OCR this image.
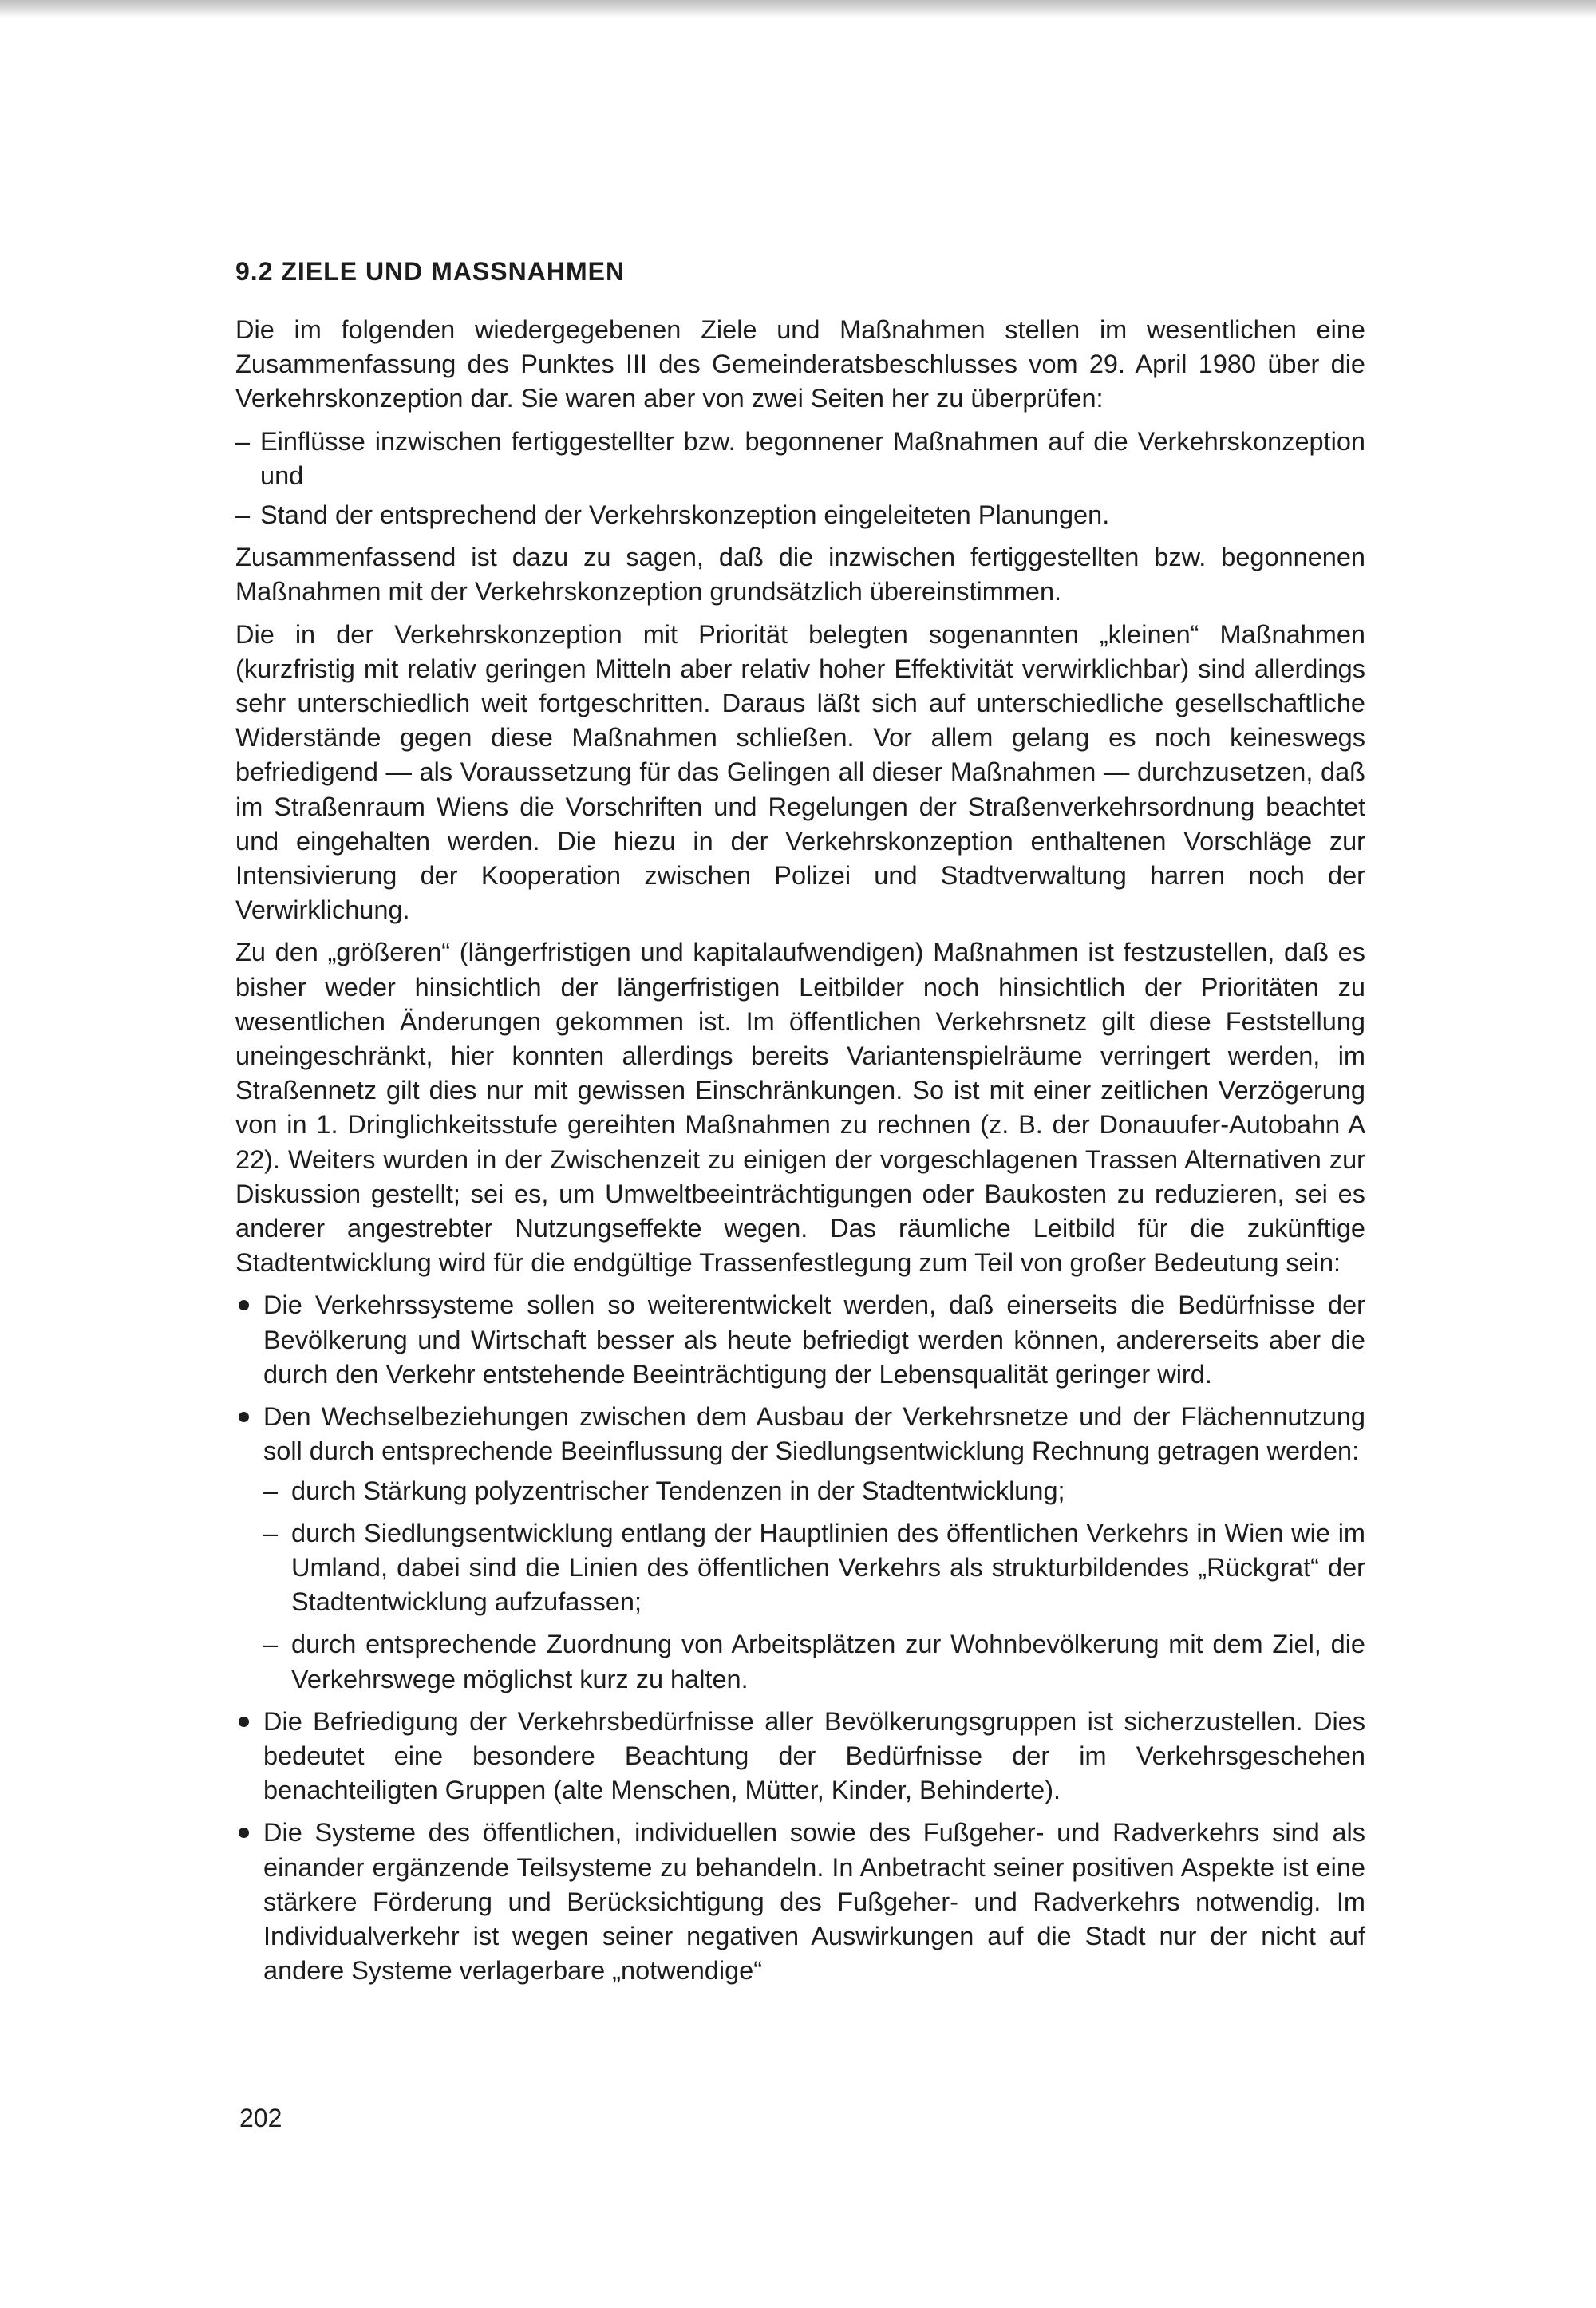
9.2 ZIELE UND MASSNAHMEN

Die im folgenden wiedergegebenen Ziele und Maßnahmen stellen im wesentlichen eine Zusammenfassung des Punktes III des Gemeinderatsbeschlusses vom 29. April 1980 über die Verkehrskonzeption dar. Sie waren aber von zwei Seiten her zu überprüfen:

– Einflüsse inzwischen fertiggestellter bzw. begonnener Maßnahmen auf die Verkehrskonzeption und
– Stand der entsprechend der Verkehrskonzeption eingeleiteten Planungen.

Zusammenfassend ist dazu zu sagen, daß die inzwischen fertiggestellten bzw. begonnenen Maßnahmen mit der Verkehrskonzeption grundsätzlich übereinstimmen.

Die in der Verkehrskonzeption mit Priorität belegten sogenannten „kleinen“ Maßnahmen (kurzfristig mit relativ geringen Mitteln aber relativ hoher Effektivität verwirklichbar) sind allerdings sehr unterschiedlich weit fortgeschritten. Daraus läßt sich auf unterschiedliche gesellschaftliche Widerstände gegen diese Maßnahmen schließen. Vor allem gelang es noch keineswegs befriedigend — als Voraussetzung für das Gelingen all dieser Maßnahmen — durchzusetzen, daß im Straßenraum Wiens die Vorschriften und Regelungen der Straßenverkehrsordnung beachtet und eingehalten werden. Die hiezu in der Verkehrskonzeption enthaltenen Vorschläge zur Intensivierung der Kooperation zwischen Polizei und Stadtverwaltung harren noch der Verwirklichung.

Zu den „größeren“ (längerfristigen und kapitalaufwendigen) Maßnahmen ist festzustellen, daß es bisher weder hinsichtlich der längerfristigen Leitbilder noch hinsichtlich der Prioritäten zu wesentlichen Änderungen gekommen ist. Im öffentlichen Verkehrsnetz gilt diese Feststellung uneingeschränkt, hier konnten allerdings bereits Variantenspielräume verringert werden, im Straßennetz gilt dies nur mit gewissen Einschränkungen. So ist mit einer zeitlichen Verzögerung von in 1. Dringlichkeitsstufe gereihten Maßnahmen zu rechnen (z. B. der Donauufer-Autobahn A 22). Weiters wurden in der Zwischenzeit zu einigen der vorgeschlagenen Trassen Alternativen zur Diskussion gestellt; sei es, um Umweltbeeinträchtigungen oder Baukosten zu reduzieren, sei es anderer angestrebter Nutzungseffekte wegen. Das räumliche Leitbild für die zukünftige Stadtentwicklung wird für die endgültige Trassenfestlegung zum Teil von großer Bedeutung sein:

Die Verkehrssysteme sollen so weiterentwickelt werden, daß einerseits die Bedürfnisse der Bevölkerung und Wirtschaft besser als heute befriedigt werden können, andererseits aber die durch den Verkehr entstehende Beeinträchtigung der Lebensqualität geringer wird.
Den Wechselbeziehungen zwischen dem Ausbau der Verkehrsnetze und der Flächennutzung soll durch entsprechende Beeinflussung der Siedlungsentwicklung Rechnung getragen werden:
– durch Stärkung polyzentrischer Tendenzen in der Stadtentwicklung;
– durch Siedlungsentwicklung entlang der Hauptlinien des öffentlichen Verkehrs in Wien wie im Umland, dabei sind die Linien des öffentlichen Verkehrs als strukturbildendes „Rückgrat“ der Stadtentwicklung aufzufassen;
– durch entsprechende Zuordnung von Arbeitsplätzen zur Wohnbevölkerung mit dem Ziel, die Verkehrswege möglichst kurz zu halten.
Die Befriedigung der Verkehrsbedürfnisse aller Bevölkerungsgruppen ist sicherzustellen. Dies bedeutet eine besondere Beachtung der Bedürfnisse der im Verkehrsgeschehen benachteiligten Gruppen (alte Menschen, Mütter, Kinder, Behinderte).
Die Systeme des öffentlichen, individuellen sowie des Fußgeher- und Radverkehrs sind als einander ergänzende Teilsysteme zu behandeln. In Anbetracht seiner positiven Aspekte ist eine stärkere Förderung und Berücksichtigung des Fußgeher- und Radverkehrs notwendig. Im Individualverkehr ist wegen seiner negativen Auswirkungen auf die Stadt nur der nicht auf andere Systeme verlagerbare „notwendige“
202
